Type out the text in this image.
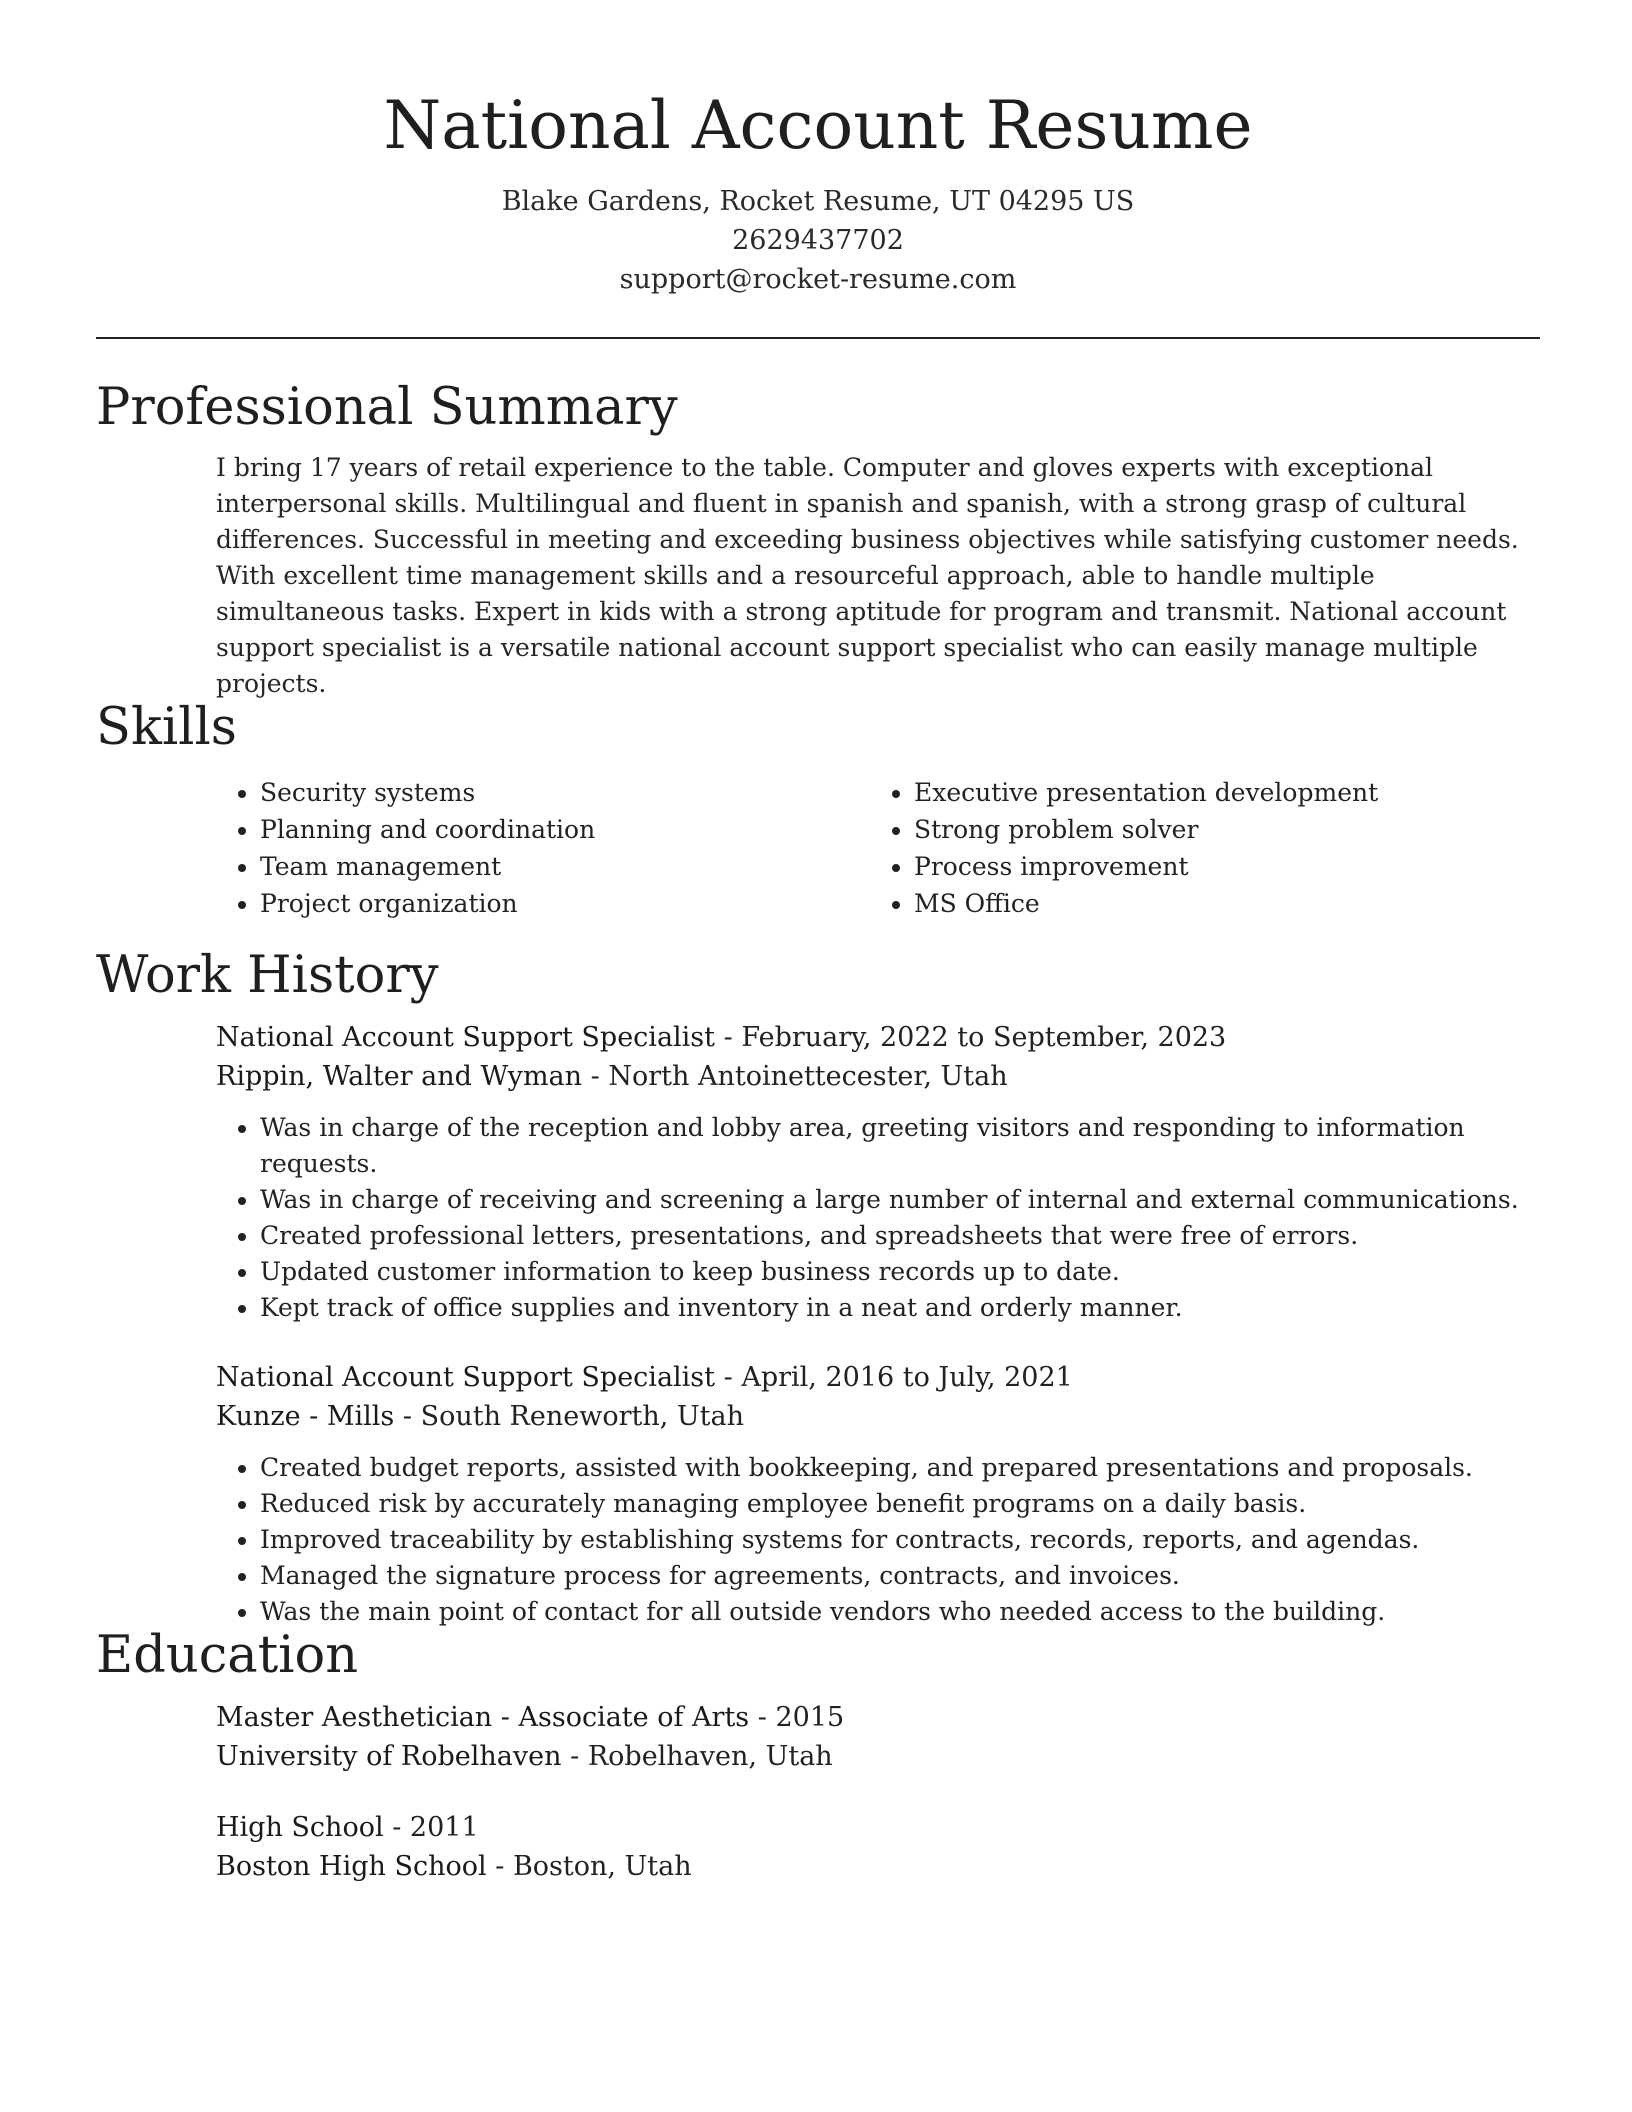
National Account Resume

Blake Gardens, Rocket Resume, UT 04295 US

2629437702

support@rocket-resume.com

Professional Summary

I bring 17 years of retail experience to the table. Computer and gloves experts with exceptional interpersonal skills. Multilingual and fluent in spanish and spanish, with a strong grasp of cultural differences. Successful in meeting and exceeding business objectives while satisfying customer needs. With excellent time management skills and a resourceful approach, able to handle multiple simultaneous tasks. Expert in kids with a strong aptitude for program and transmit. National account support specialist is a versatile national account support specialist who can easily manage multiple projects.

Skills
• Security systems
• Planning and coordination
• Team management
• Project organization
• Executive presentation development
• Strong problem solver
• Process improvement
• MS Office
Work History

National Account Support Specialist - February, 2022 to September, 2023

Rippin, Walter and Wyman - North Antoinettecester, Utah

• Was in charge of the reception and lobby area, greeting visitors and responding to information requests.
• Was in charge of receiving and screening a large number of internal and external communications.
• Created professional letters, presentations, and spreadsheets that were free of errors.
• Updated customer information to keep business records up to date.
• Kept track of office supplies and inventory in a neat and orderly manner.

National Account Support Specialist - April, 2016 to July, 2021

Kunze - Mills - South Reneworth, Utah

• Created budget reports, assisted with bookkeeping, and prepared presentations and proposals.
• Reduced risk by accurately managing employee benefit programs on a daily basis.
• Improved traceability by establishing systems for contracts, records, reports, and agendas.
• Managed the signature process for agreements, contracts, and invoices.
• Was the main point of contact for all outside vendors who needed access to the building.
Education

Master Aesthetician - Associate of Arts - 2015

University of Robelhaven - Robelhaven, Utah

High School - 2011

Boston High School - Boston, Utah
